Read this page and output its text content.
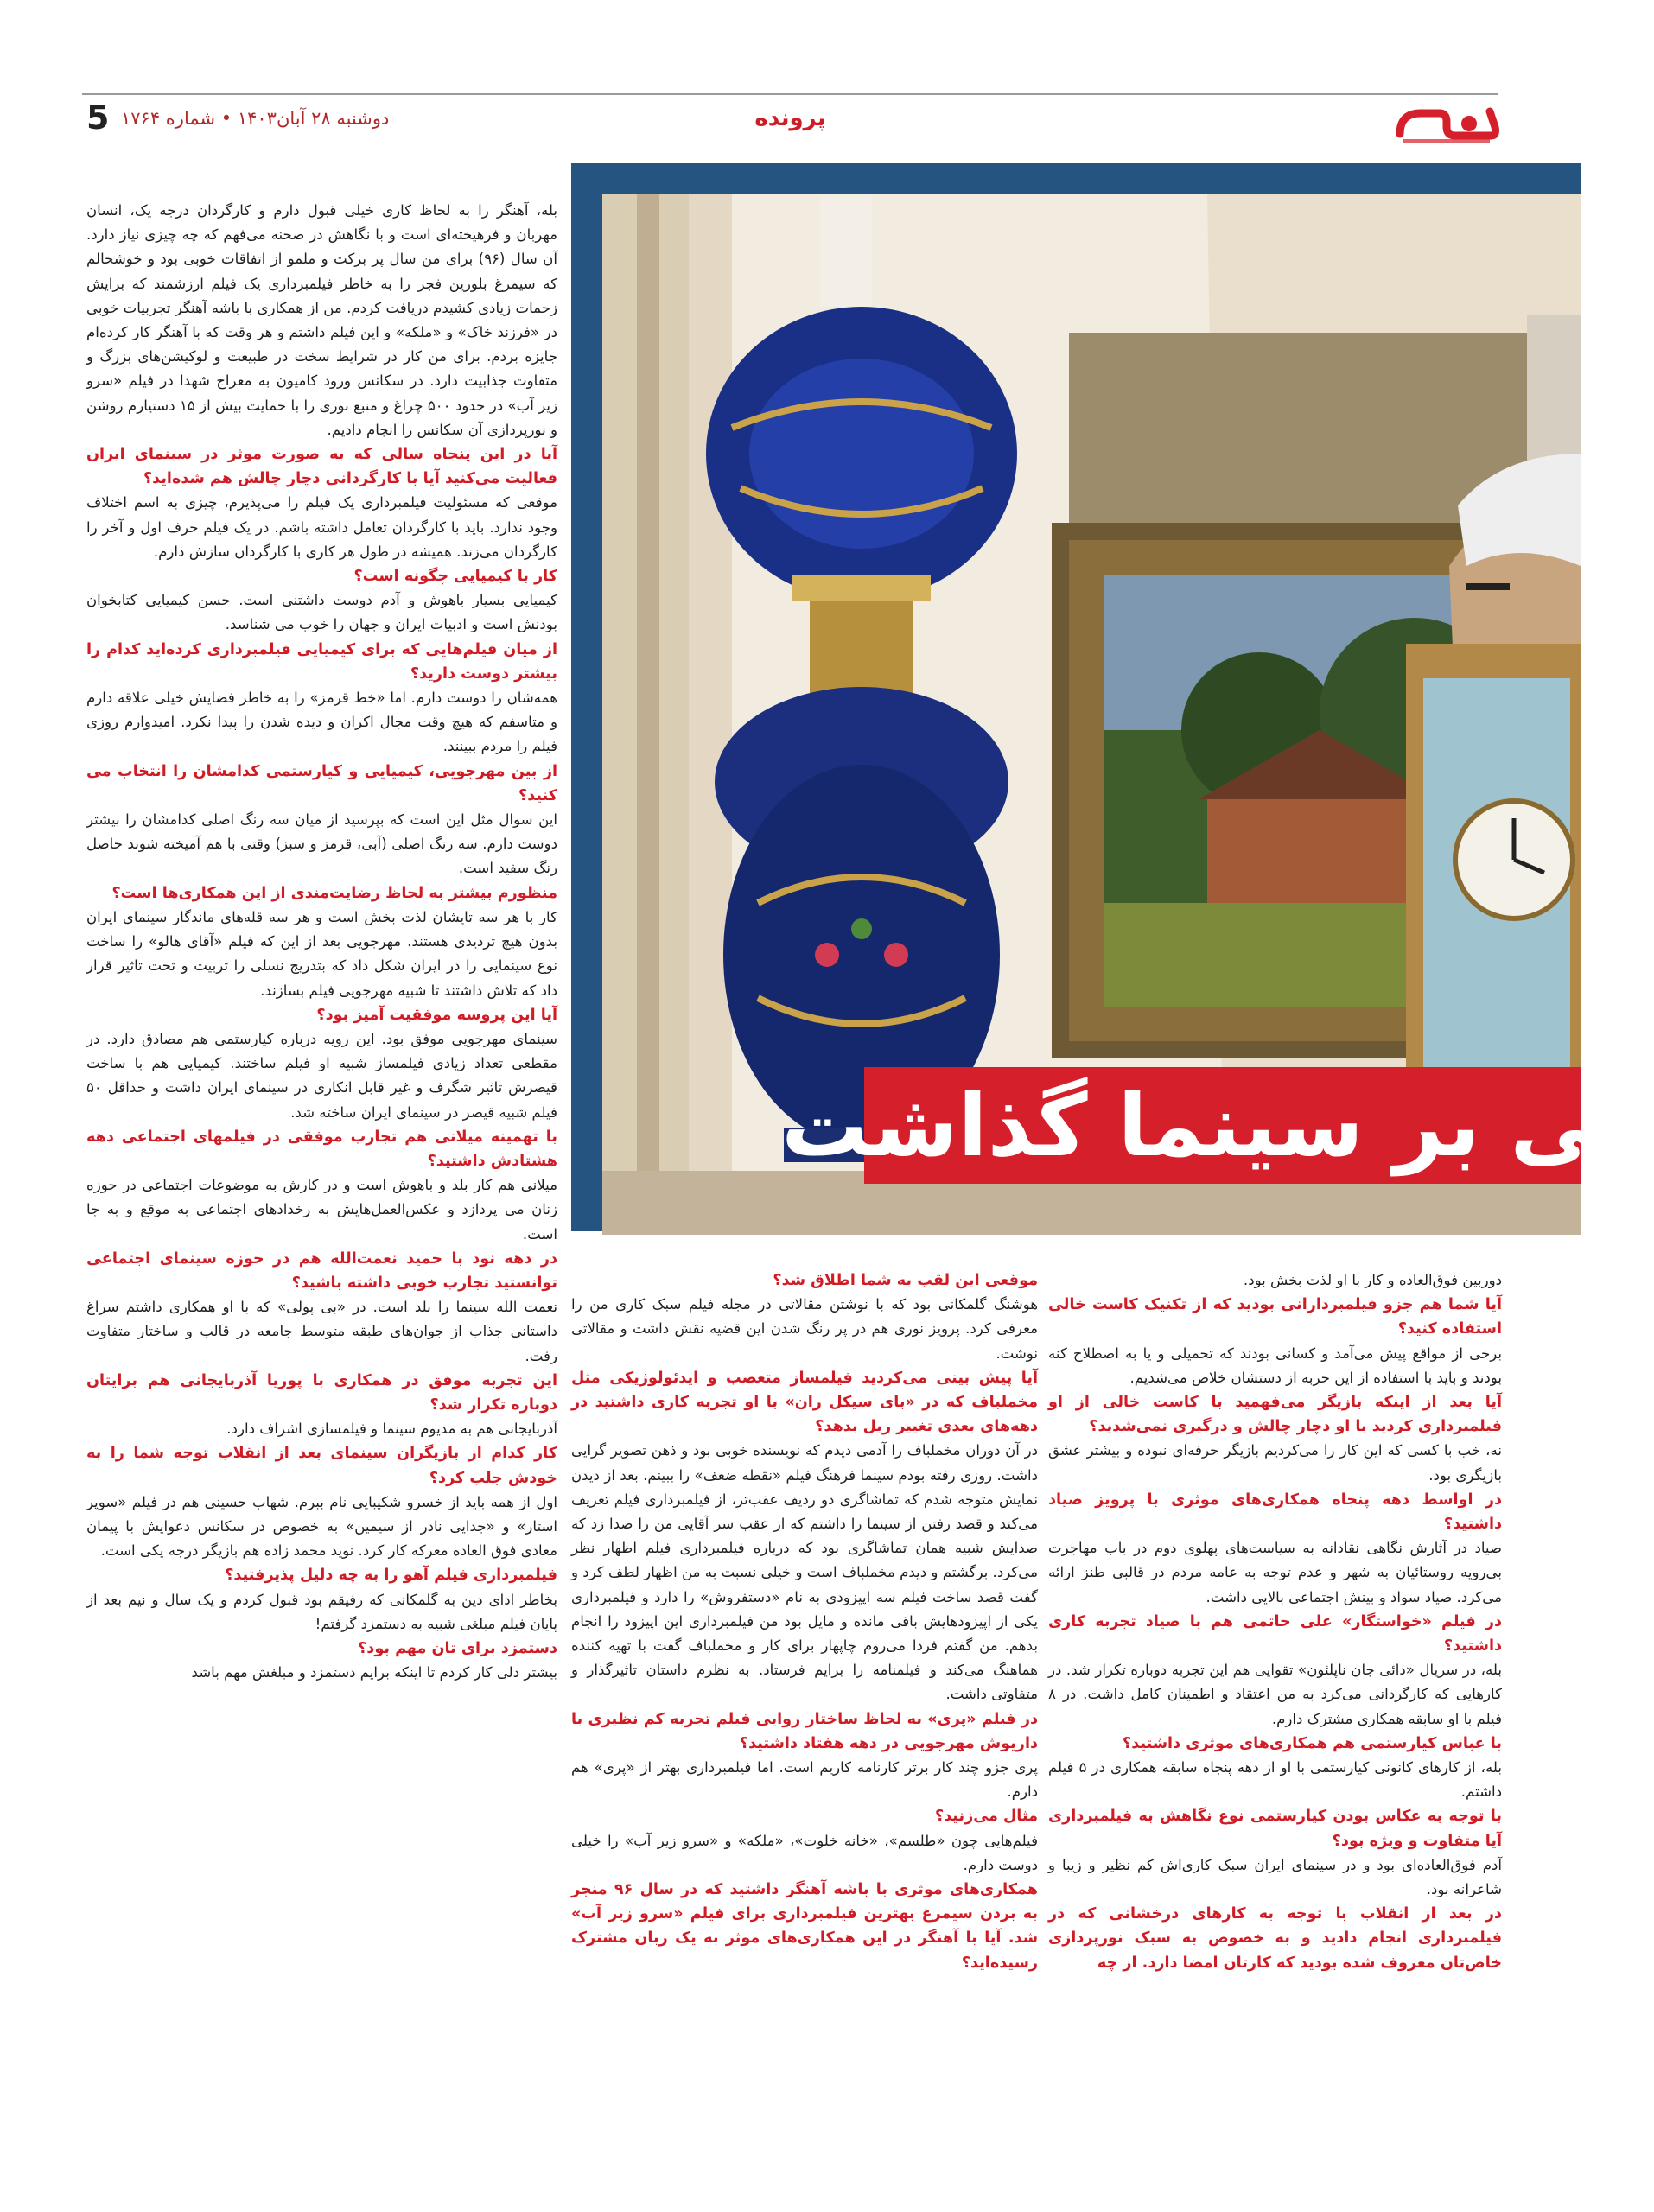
پرونده
دوشنبه ۲۸ آبان۱۴۰۳ • شماره ۱۷۶۴
5
فی بر سینما گذاشت

دوربین فوق‌العاده و کار با او لذت بخش بود.

آیا شما هم جزو فیلمبردارانی بودید که از تکنیک کاست خالی استفاده کنید؟

برخی از مواقع پیش می‌آمد و کسانی بودند که تحمیلی و یا به اصطلاح کنه بودند و باید با استفاده از این حربه از دستشان خلاص می‌شدیم.

آیا بعد از اینکه بازیگر می‌فهمید با کاست خالی از او فیلمبرداری کردید با او دچار چالش و درگیری نمی‌شدید؟

نه، خب با کسی که این کار را می‌کردیم بازیگر حرفه‌ای نبوده و بیشتر عشق بازیگری بود.

در اواسط دهه پنجاه همکاری‌های موثری با پرویز صیاد داشتید؟

صیاد در آثارش نگاهی نقادانه به سیاست‌های پهلوی دوم در باب مهاجرت بی‌رویه روستائیان به شهر و عدم توجه به عامه مردم در قالبی طنز ارائه می‌کرد. صیاد سواد و بینش اجتماعی بالایی داشت.

در فیلم «خواستگار» علی حاتمی هم با صیاد تجربه کاری داشتید؟

بله، در سریال «دائی جان ناپلئون» تقوایی هم این تجربه دوباره تکرار شد. در کارهایی که کارگردانی می‌کرد به من اعتقاد و اطمینان کامل داشت. در ۸ فیلم با او سابقه همکاری مشترک دارم.

با عباس کیارستمی هم همکاری‌های موثری داشتید؟

بله، از کارهای کانونی کیارستمی با او از دهه پنجاه سابقه همکاری در ۵ فیلم داشتم.

با توجه به عکاس بودن کیارستمی نوع نگاهش به فیلمبرداری آیا متفاوت و ویژه بود؟

آدم فوق‌العاده‌ای بود و در سینمای ایران سبک کاری‌اش کم نظیر و زیبا و شاعرانه بود.

در بعد از انقلاب با توجه به کارهای درخشانی که در فیلمبرداری انجام دادید و به خصوص به سبک نورپردازی خاص‌تان معروف شده بودید که کارتان امضا دارد. از چه

موقعی این لقب به شما اطلاق شد؟

هوشنگ گلمکانی بود که با نوشتن مقالاتی در مجله فیلم سبک کاری من را معرفی کرد. پرویز نوری هم در پر رنگ شدن این قضیه نقش داشت و مقالاتی نوشت.

آیا پیش بینی می‌کردید فیلمساز متعصب و ایدئولوژیکی مثل مخملباف که در «بای سیکل ران» با او تجربه کاری داشتید در دهه‌های بعدی تغییر ریل بدهد؟

در آن دوران مخملباف را آدمی دیدم که نویسنده خوبی بود و ذهن تصویر گرایی داشت. روزی رفته بودم سینما فرهنگ فیلم «نقطه ضعف» را ببینم. بعد از دیدن نمایش متوجه شدم که تماشاگری دو ردیف عقب‌تر، از فیلمبرداری فیلم تعریف می‌کند و قصد رفتن از سینما را داشتم که از عقب سر آقایی من را صدا زد که صدایش شبیه همان تماشاگری بود که درباره فیلمبرداری فیلم اظهار نظر می‌کرد. برگشتم و دیدم مخملباف است و خیلی نسبت به من اظهار لطف کرد و گفت قصد ساخت فیلم سه اپیزودی به نام «دستفروش» را دارد و فیلمبرداری یکی از اپیزودهایش باقی مانده و مایل بود من فیلمبرداری این اپیزود را انجام بدهم. من گفتم فردا می‌روم چاپهار برای کار و مخملباف گفت با تهیه کننده هماهنگ می‌کند و فیلمنامه را برایم فرستاد. به نظرم داستان تاثیرگذار و متفاوتی داشت.

در فیلم «پری» به لحاظ ساختار روایی فیلم تجربه کم نظیری با داریوش مهرجویی در دهه هفتاد داشتید؟

پری جزو چند کار برتر کارنامه کاریم است. اما فیلمبرداری بهتر از «پری» هم دارم.

مثال می‌زنید؟

فیلم‌هایی چون «طلسم»، «خانه خلوت»، «ملکه» و «سرو زیر آب» را خیلی دوست دارم.

همکاری‌های موثری با باشه آهنگر داشتید که در سال ۹۶ منجر به بردن سیمرغ بهترین فیلمبرداری برای فیلم «سرو زیر آب» شد. آیا با آهنگر در این همکاری‌های موثر به یک زبان مشترک رسیده‌اید؟

بله، آهنگر را به لحاظ کاری خیلی قبول دارم و کارگردان درجه یک، انسان مهربان و فرهیخته‌ای است و با نگاهش در صحنه می‌فهم که چه چیزی نیاز دارد. آن سال (۹۶) برای من سال پر برکت و ملمو از اتفاقات خوبی بود و خوشحالم که سیمرغ بلورین فجر را به خاطر فیلمبرداری یک فیلم ارزشمند که برایش زحمات زیادی کشیدم دریافت کردم. من از همکاری با باشه آهنگر تجربیات خوبی در «فرزند خاک» و «ملکه» و این فیلم داشتم و هر وقت که با آهنگر کار کرده‌ام جایزه بردم. برای من کار در شرایط سخت در طبیعت و لوکیشن‌های بزرگ و متفاوت جذابیت دارد. در سکانس ورود کامیون به معراج شهدا در فیلم «سرو زیر آب» در حدود ۵۰۰ چراغ و منبع نوری را با حمایت بیش از ۱۵ دستیارم روشن و نورپردازی آن سکانس را انجام دادیم.

آیا در این پنجاه سالی که به صورت موثر در سینمای ایران فعالیت می‌کنید آیا با کارگردانی دچار چالش هم شده‌اید؟

موقعی که مسئولیت فیلمبرداری یک فیلم را می‌پذیرم، چیزی به اسم اختلاف وجود ندارد. باید با کارگردان تعامل داشته باشم. در یک فیلم حرف اول و آخر را کارگردان می‌زند. همیشه در طول هر کاری با کارگردان سازش دارم.

کار با کیمیایی چگونه است؟

کیمیایی بسیار باهوش و آدم دوست داشتنی است. حسن کیمیایی کتابخوان بودنش است و ادبیات ایران و جهان را خوب می شناسد.

از میان فیلم‌هایی که برای کیمیایی فیلمبرداری کرده‌اید کدام را بیشتر دوست دارید؟

همه‌شان را دوست دارم. اما «خط قرمز» را به خاطر فضایش خیلی علاقه دارم و متاسفم که هیچ وقت مجال اکران و دیده شدن را پیدا نکرد. امیدوارم روزی فیلم را مردم ببینند.

از بین مهرجویی، کیمیایی و کیارستمی کدامشان را انتخاب می کنید؟

این سوال مثل این است که بپرسید از میان سه رنگ اصلی کدامشان را بیشتر دوست دارم. سه رنگ اصلی (آبی، قرمز و سبز) وقتی با هم آمیخته شوند حاصل رنگ سفید است.

منظورم بیشتر به لحاظ رضایت‌مندی از این همکاری‌ها است؟

کار با هر سه تایشان لذت بخش است و هر سه قله‌های ماندگار سینمای ایران بدون هیچ تردیدی هستند. مهرجویی بعد از این که فیلم «آقای هالو» را ساخت نوع سینمایی را در ایران شکل داد که بتدریج نسلی را تربیت و تحت تاثیر قرار داد که تلاش داشتند تا شبیه مهرجویی فیلم بسازند.

آیا این پروسه موفقیت آمیز بود؟

سینمای مهرجویی موفق بود. این رویه درباره کیارستمی هم مصادق دارد. در مقطعی تعداد زیادی فیلمساز شبیه او فیلم ساختند. کیمیایی هم با ساخت قیصرش تاثیر شگرف و غیر قابل انکاری در سینمای ایران داشت و حداقل ۵۰ فیلم شبیه قیصر در سینمای ایران ساخته شد.

با تهمینه میلانی هم تجارب موفقی در فیلمهای اجتماعی دهه هشتادش داشتید؟

میلانی هم کار بلد و باهوش است و در کارش به موضوعات اجتماعی در حوزه زنان می پردازد و عکس‌العمل‌هایش به رخدادهای اجتماعی به موقع و به جا است.

در دهه نود با حمید نعمت‌الله هم در حوزه سینمای اجتماعی توانستید تجارب خوبی داشته باشید؟

نعمت الله سینما را بلد است. در «بی پولی» که با او همکاری داشتم سراغ داستانی جذاب از جوان‌های طبقه متوسط جامعه در قالب و ساختار متفاوت رفت.

این تجربه موفق در همکاری با پوریا آذربایجانی هم برایتان دوباره تکرار شد؟

آذربایجانی هم به مدیوم سینما و فیلمسازی اشراف دارد.

کار کدام از بازیگران سینمای بعد از انقلاب توجه شما را به خودش جلب کرد؟

اول از همه باید از خسرو شکیبایی نام ببرم. شهاب حسینی هم در فیلم «سوپر استار» و «جدایی نادر از سیمین» به خصوص در سکانس دعوایش با پیمان معادی فوق العاده معرکه کار کرد. نوید محمد زاده هم بازیگر درجه یکی است.

فیلمبرداری فیلم آهو را به چه دلیل پذیرفتید؟

بخاطر ادای دین به گلمکانی که رفیقم بود قبول کردم و یک سال و نیم بعد از پایان فیلم مبلغی شبیه به دستمزد گرفتم!

دستمزد برای تان مهم بود؟

بیشتر دلی کار کردم تا اینکه برایم دستمزد و مبلغش مهم باشد
